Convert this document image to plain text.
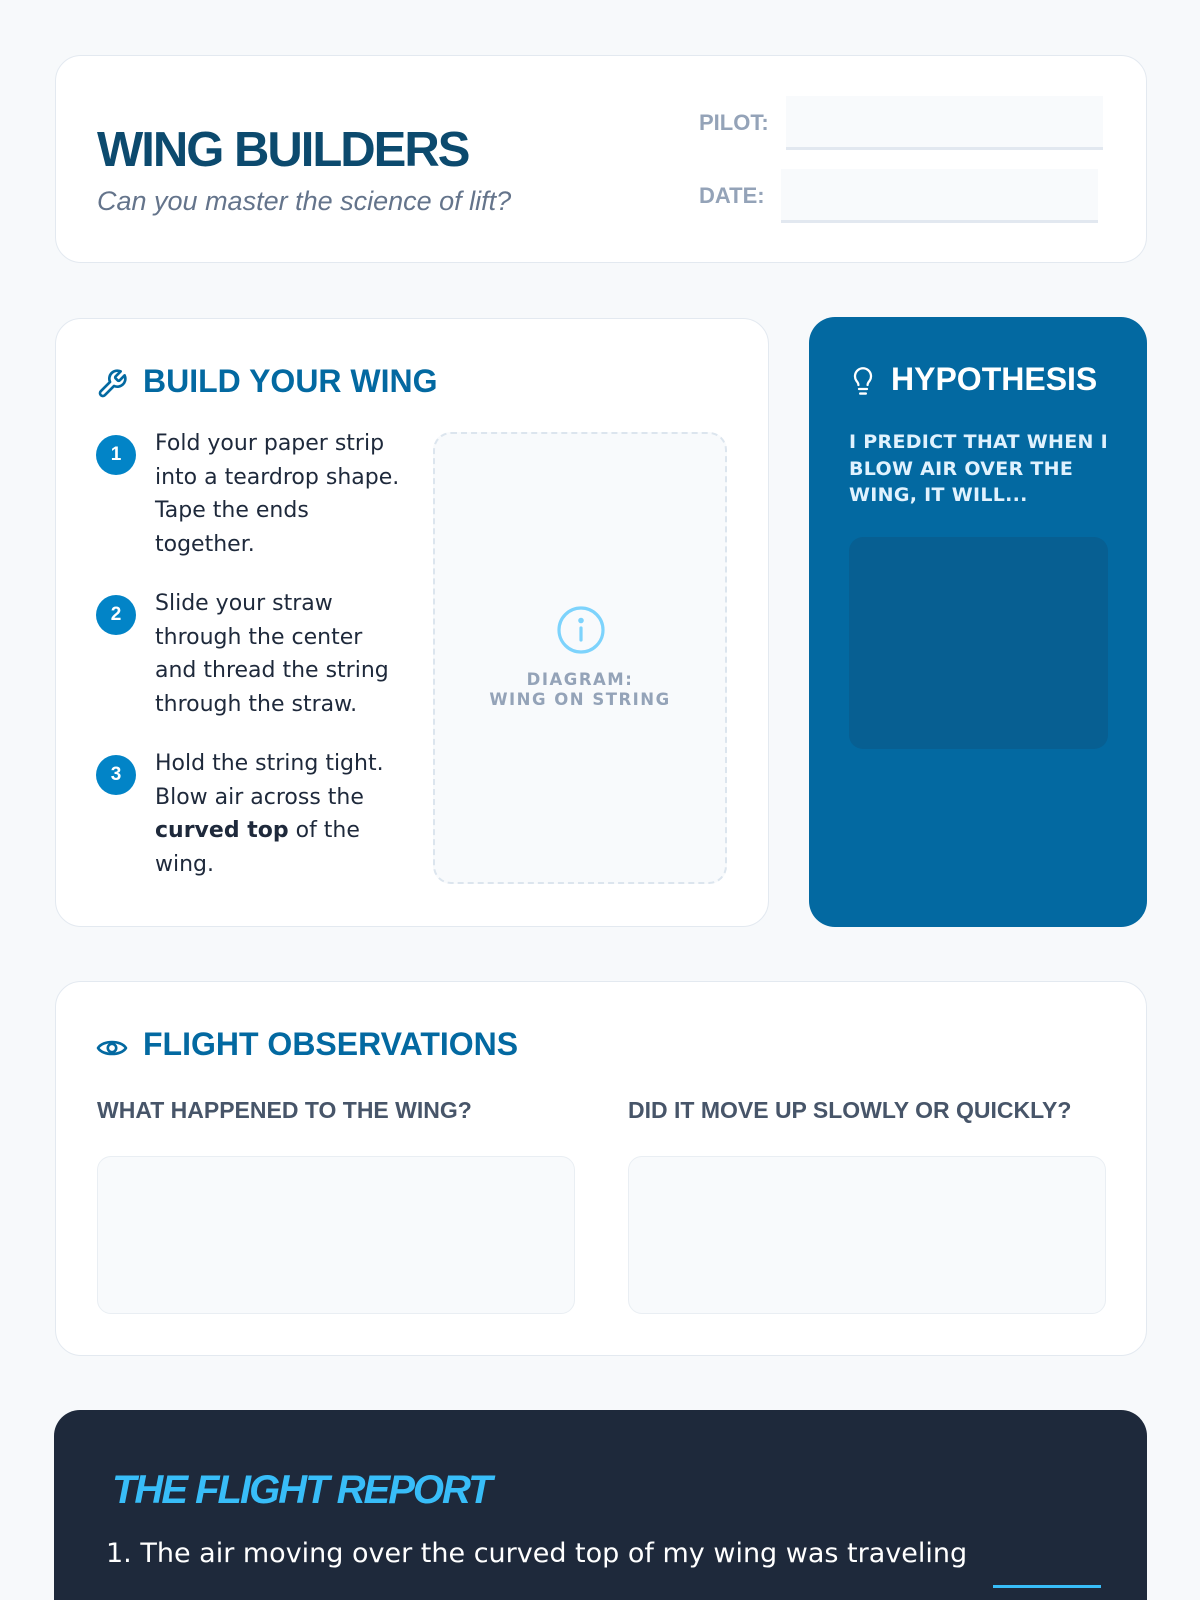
WING BUILDERS
Can you master the science of lift?
PILOT:
DATE:
BUILD YOUR WING
1	Fold your paper strip into a teardrop shape. Tape the ends together.
2	Slide your straw through the center and thread the string through the straw.
3	Hold the string tight. Blow air across the curved top of the wing.
DIAGRAM:
WING ON STRING
HYPOTHESIS
I PREDICT THAT WHEN I BLOW AIR OVER THE WING, IT WILL...
FLIGHT OBSERVATIONS
WHAT HAPPENED TO THE WING?	DID IT MOVE UP SLOWLY OR QUICKLY?
THE FLIGHT REPORT
1. The air moving over the curved top of my wing was traveling
